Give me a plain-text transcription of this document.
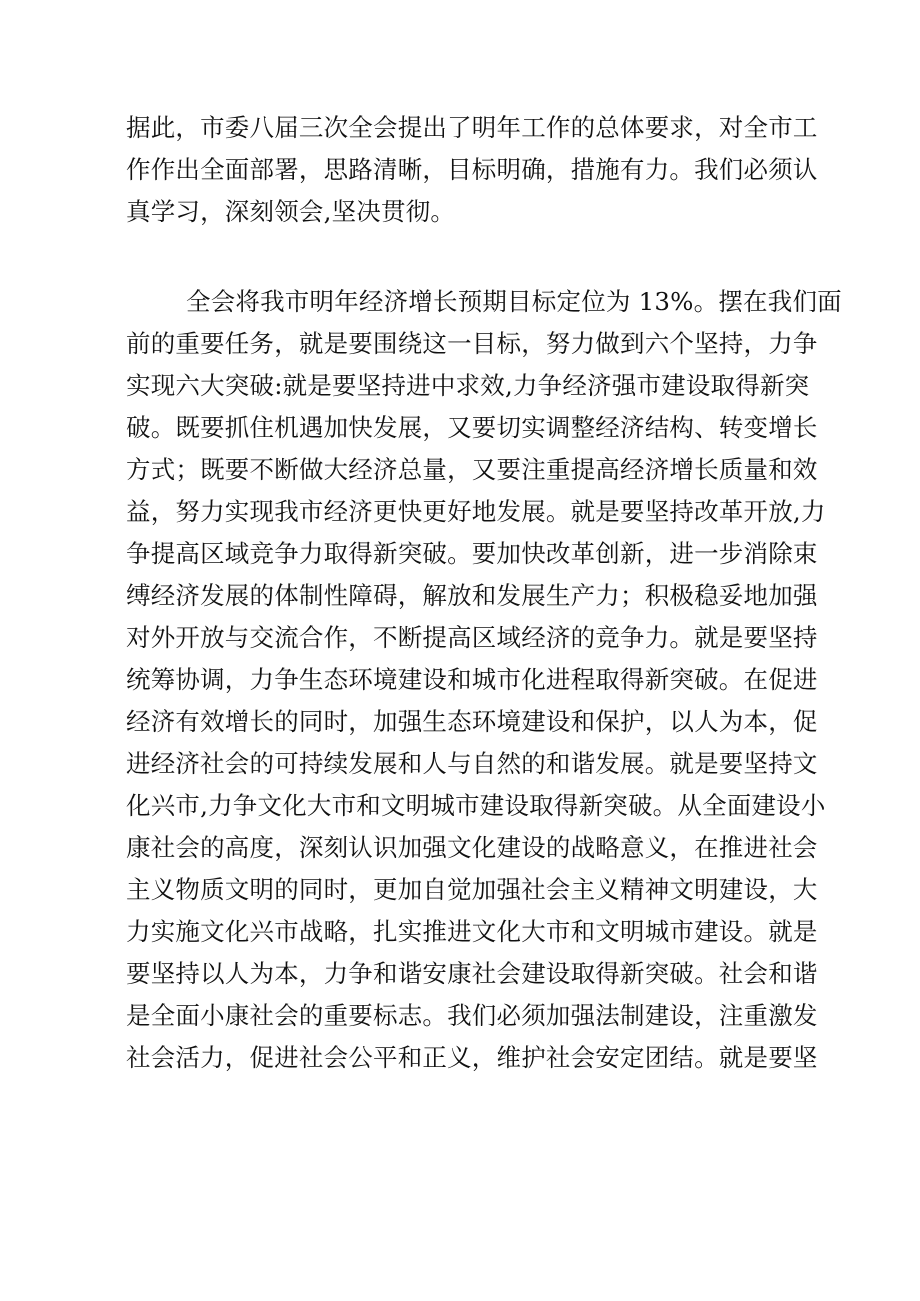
据此，市委八届三次全会提出了明年工作的总体要求，对全市工
作作出全面部署，思路清晰，目标明确，措施有力。我们必须认
真学习，深刻领会,坚决贯彻。
全会将我市明年经济增长预期目标定位为 13%。摆在我们面
前的重要任务，就是要围绕这一目标，努力做到六个坚持，力争
实现六大突破:就是要坚持进中求效,力争经济强市建设取得新突
破。既要抓住机遇加快发展，又要切实调整经济结构、转变增长
方式；既要不断做大经济总量，又要注重提高经济增长质量和效
益，努力实现我市经济更快更好地发展。就是要坚持改革开放,力
争提高区域竞争力取得新突破。要加快改革创新，进一步消除束
缚经济发展的体制性障碍，解放和发展生产力；积极稳妥地加强
对外开放与交流合作，不断提高区域经济的竞争力。就是要坚持
统筹协调，力争生态环境建设和城市化进程取得新突破。在促进
经济有效增长的同时，加强生态环境建设和保护，以人为本，促
进经济社会的可持续发展和人与自然的和谐发展。就是要坚持文
化兴市,力争文化大市和文明城市建设取得新突破。从全面建设小
康社会的高度，深刻认识加强文化建设的战略意义，在推进社会
主义物质文明的同时，更加自觉加强社会主义精神文明建设，大
力实施文化兴市战略，扎实推进文化大市和文明城市建设。就是
要坚持以人为本，力争和谐安康社会建设取得新突破。社会和谐
是全面小康社会的重要标志。我们必须加强法制建设，注重激发
社会活力，促进社会公平和正义，维护社会安定团结。就是要坚
